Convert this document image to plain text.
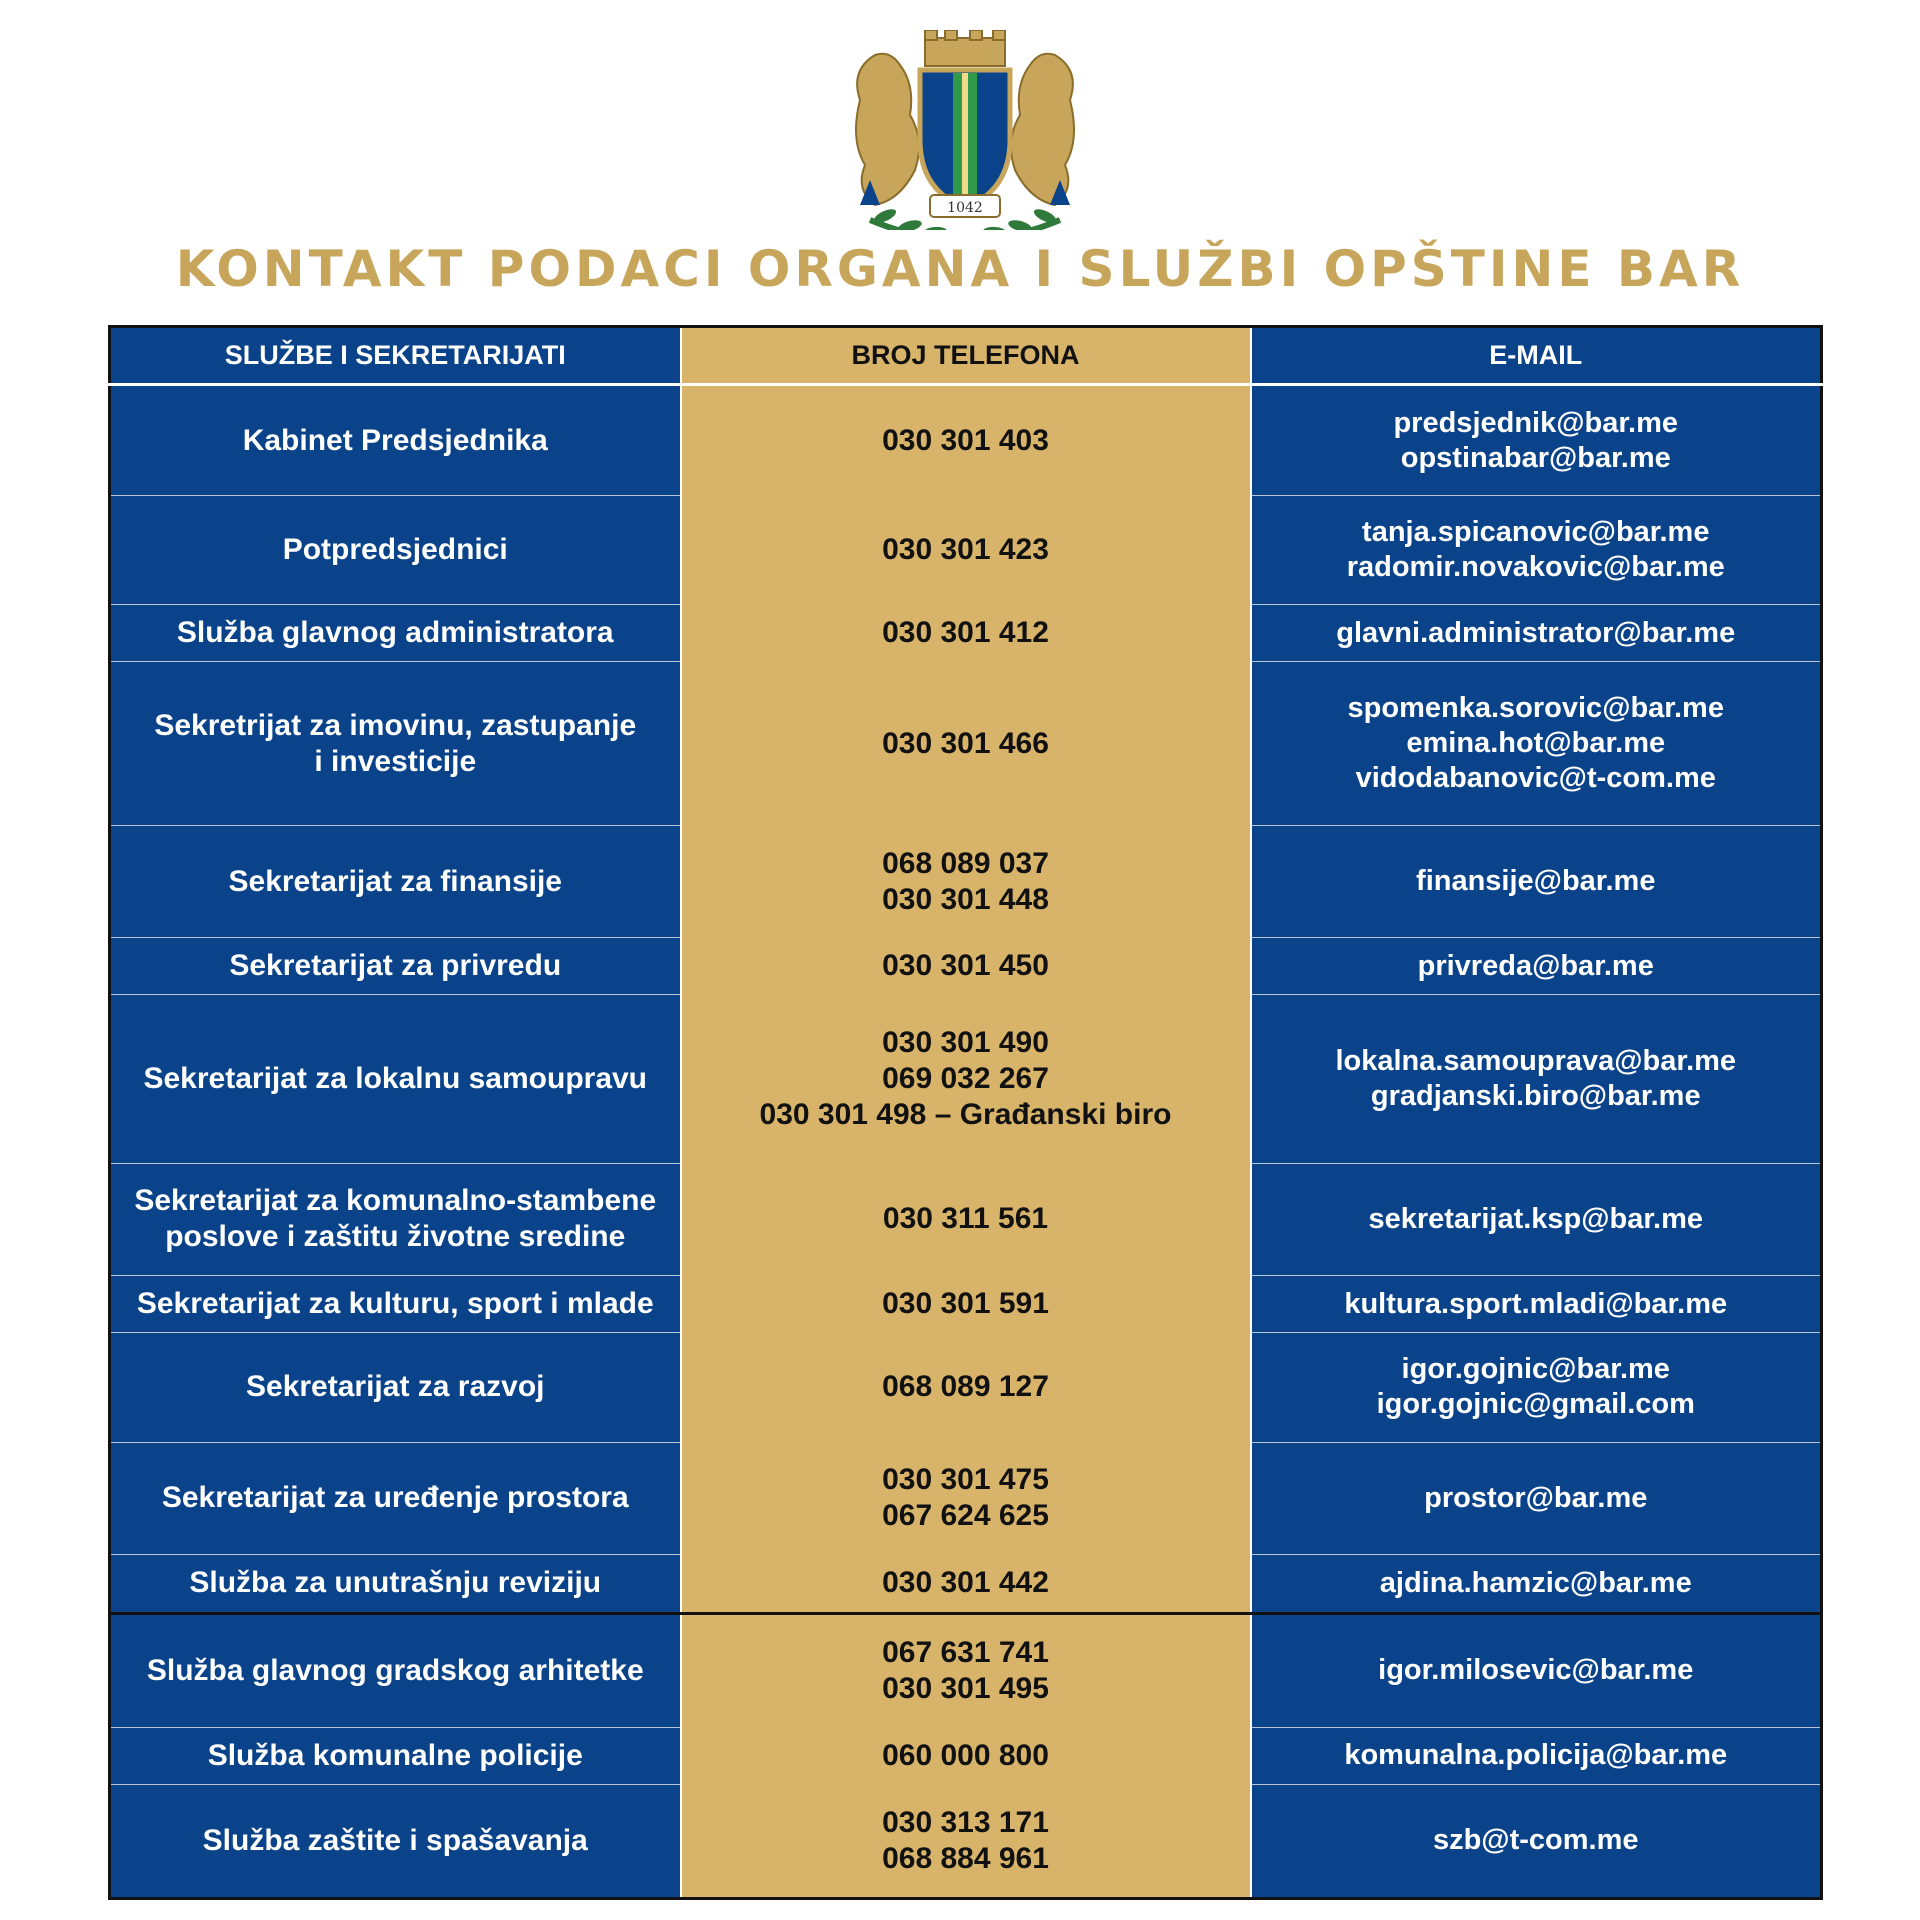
1042
KONTAKT PODACI ORGANA I SLUŽBI OPŠTINE BAR
SLUŽBE I SEKRETARIJATI	BROJ TELEFONA	E-MAIL

Kabinet Predsjednika	030 301 403	predsjednik@bar.me
opstinabar@bar.me

Potpredsjednici	030 301 423	tanja.spicanovic@bar.me
radomir.novakovic@bar.me

Služba glavnog administratora	030 301 412	glavni.administrator@bar.me

Sekretrijat za imovinu, zastupanje
i investicije	030 301 466	spomenka.sorovic@bar.me
emina.hot@bar.me
vidodabanovic@t-com.me

Sekretarijat za finansije	068 089 037
030 301 448	finansije@bar.me

Sekretarijat za privredu	030 301 450	privreda@bar.me

Sekretarijat za lokalnu samoupravu	030 301 490
069 032 267
030 301 498 – Građanski biro	lokalna.samouprava@bar.me
gradjanski.biro@bar.me

Sekretarijat za komunalno-stambene
poslove i zaštitu životne sredine	030 311 561	sekretarijat.ksp@bar.me

Sekretarijat za kulturu, sport i mlade	030 301 591	kultura.sport.mladi@bar.me

Sekretarijat za razvoj	068 089 127	igor.gojnic@bar.me
igor.gojnic@gmail.com

Sekretarijat za uređenje prostora	030 301 475
067 624 625	prostor@bar.me

Služba za unutrašnju reviziju	030 301 442	ajdina.hamzic@bar.me

Služba glavnog gradskog arhitetke	067 631 741
030 301 495	igor.milosevic@bar.me

Služba komunalne policije	060 000 800	komunalna.policija@bar.me

Služba zaštite i spašavanja	030 313 171
068 884 961	szb@t-com.me
